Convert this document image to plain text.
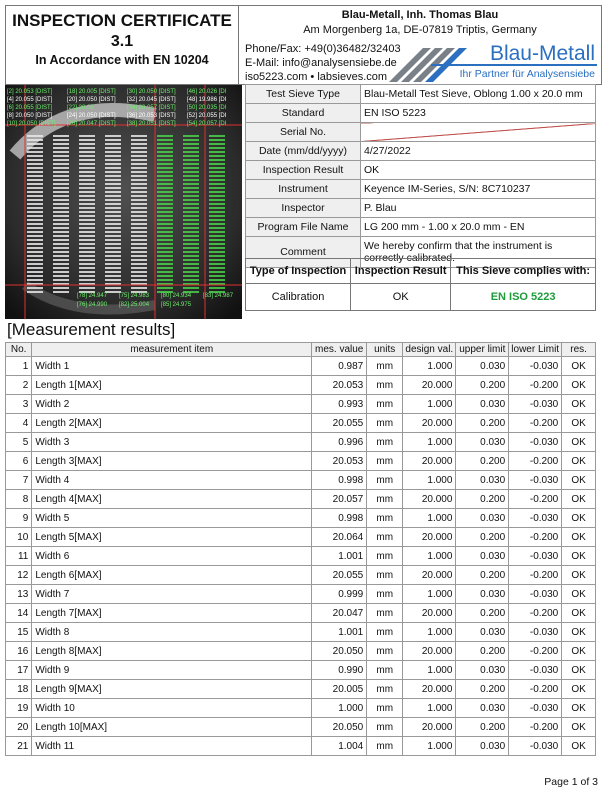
INSPECTION CERTIFICATE
3.1
In Accordance with EN 10204
Blau-Metall, Inh. Thomas Blau
Am Morgenberg 1a, DE-07819 Triptis, Germany
Phone/Fax: +49(0)36482/32403
E-Mail: info@analysensiebe.de
iso5223.com • labsieves.com
Blau-Metall
Ihr Partner für Analysensiebe
[2] 20.053 [DIST]
[4] 20.055 [DIST]
[6] 20.055 [DIST]
[8] 20.050 [DIST]
[10] 20.050 [DIST]
[18] 20.005 [DIST]
[20] 20.050 [DIST]
[22] 20.05
[24] 20.050 [DIST]
[26] 20.047 [DIST]
[30] 20.050 [DIST]
[32] 20.045 [DIST]
[34] 20.057 [DIST]
[36] 20.053 [DIST]
[38] 20.051 [DIST]
[46] 20.026 [DI
[48] 19.986 [DI
[50] 20.035 [DI
[52] 20.055 [DI
[54] 20.057 [DI
[78] 24.947 [75] 24.983 [80] 24.934 [83] 24.987
[76] 24.990 [82] 25.004 [85] 24.975
Test Sieve Type	Blau-Metall Test Sieve, Oblong 1.00 x 20.0 mm
Standard	EN ISO 5223
Serial No.	
Date (mm/dd/yyyy)	4/27/2022
Inspection Result	OK
Instrument	Keyence IM-Series, S/N: 8C710237
Inspector	P. Blau
Program File Name	LG 200 mm - 1.00 x 20.0 mm - EN
Comment	We hereby confirm that the instrument is correctly calibrated.
Type of Inspection	Inspection Result	This Sieve complies with:
Calibration	OK	EN ISO 5223
[Measurement results]
No.	measurement item	mes. value	units	design val.	upper limit	lower Limit	res.
1	Width 1	0.987	mm	1.000	0.030	-0.030	OK
2	Length 1[MAX]	20.053	mm	20.000	0.200	-0.200	OK
3	Width 2	0.993	mm	1.000	0.030	-0.030	OK
4	Length 2[MAX]	20.055	mm	20.000	0.200	-0.200	OK
5	Width 3	0.996	mm	1.000	0.030	-0.030	OK
6	Length 3[MAX]	20.053	mm	20.000	0.200	-0.200	OK
7	Width 4	0.998	mm	1.000	0.030	-0.030	OK
8	Length 4[MAX]	20.057	mm	20.000	0.200	-0.200	OK
9	Width 5	0.998	mm	1.000	0.030	-0.030	OK
10	Length 5[MAX]	20.064	mm	20.000	0.200	-0.200	OK
11	Width 6	1.001	mm	1.000	0.030	-0.030	OK
12	Length 6[MAX]	20.055	mm	20.000	0.200	-0.200	OK
13	Width 7	0.999	mm	1.000	0.030	-0.030	OK
14	Length 7[MAX]	20.047	mm	20.000	0.200	-0.200	OK
15	Width 8	1.001	mm	1.000	0.030	-0.030	OK
16	Length 8[MAX]	20.050	mm	20.000	0.200	-0.200	OK
17	Width 9	0.990	mm	1.000	0.030	-0.030	OK
18	Length 9[MAX]	20.005	mm	20.000	0.200	-0.200	OK
19	Width 10	1.000	mm	1.000	0.030	-0.030	OK
20	Length 10[MAX]	20.050	mm	20.000	0.200	-0.200	OK
21	Width 11	1.004	mm	1.000	0.030	-0.030	OK
Page 1 of 3
